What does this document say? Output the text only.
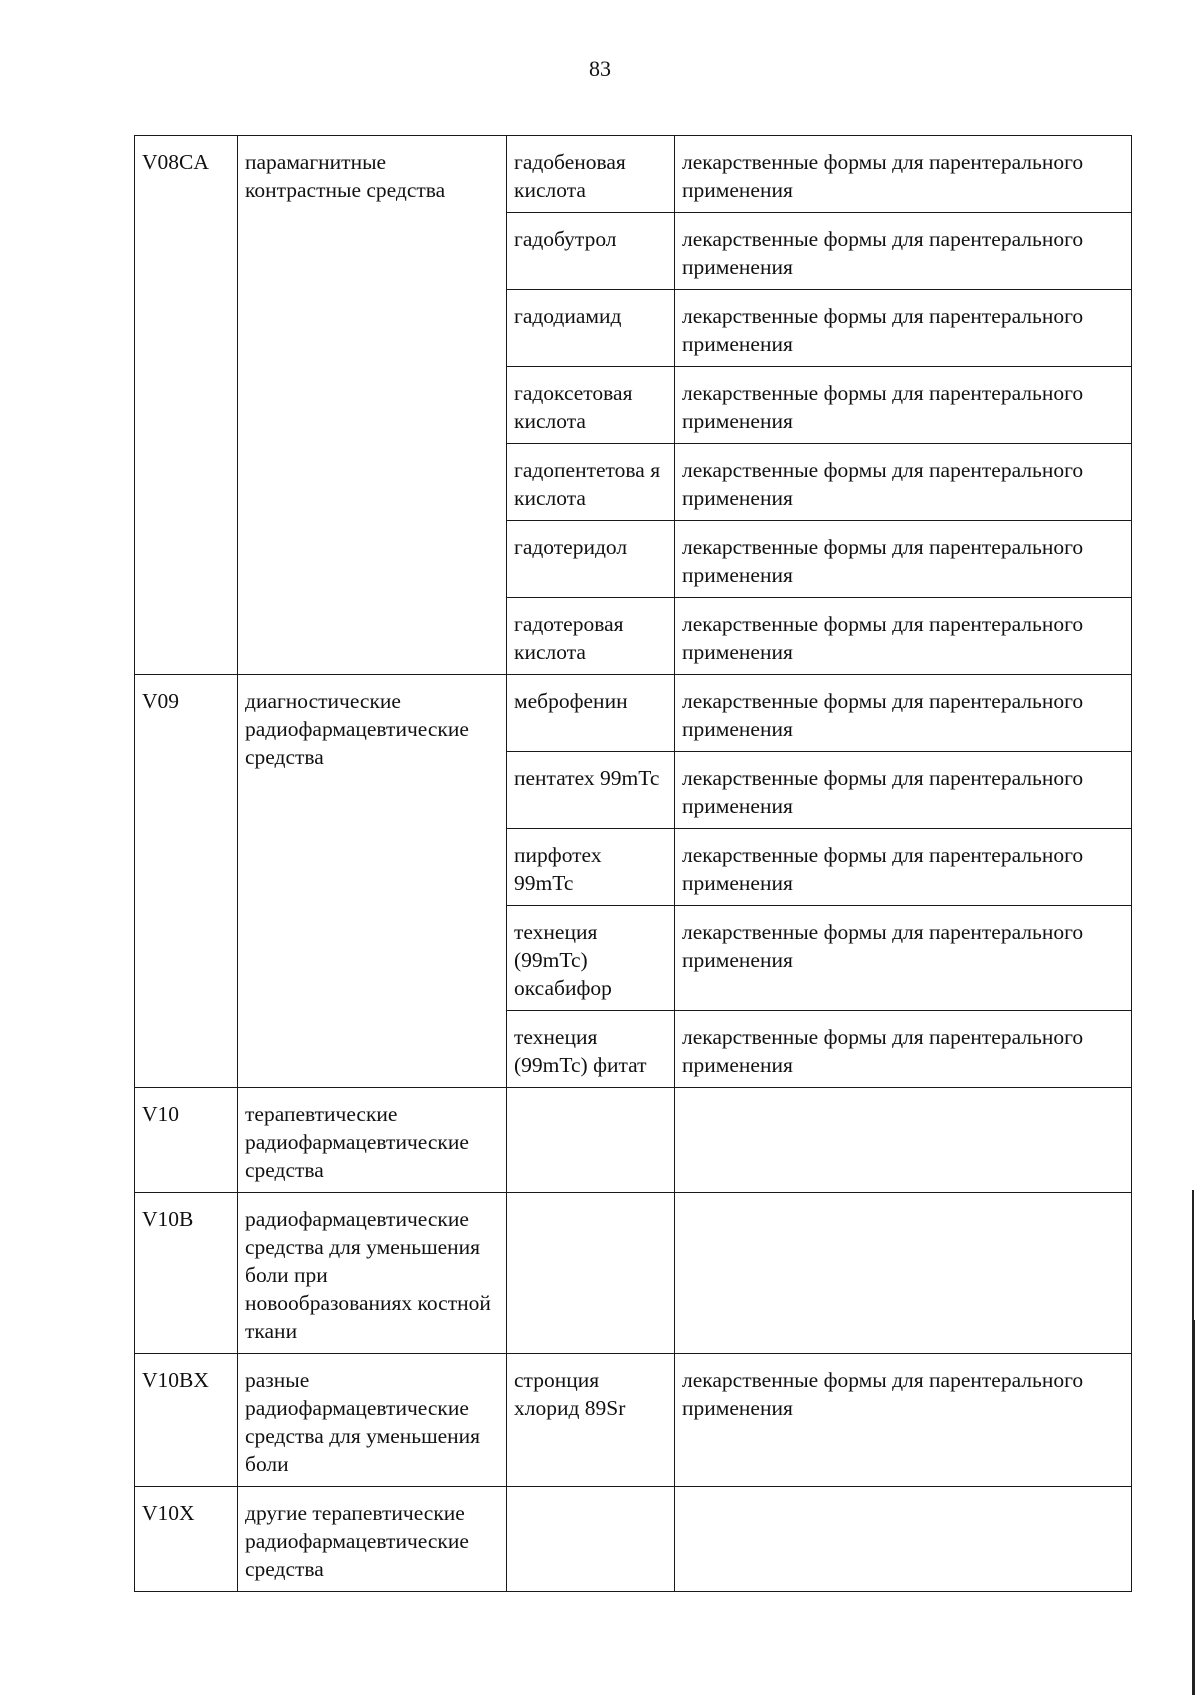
83
V08CA	парамагнитные контрастные средства	гадобеновая кислота	лекарственные формы для парентерального применения
		гадобутрол	лекарственные формы для парентерального применения
		гадодиамид	лекарственные формы для парентерального применения
		гадоксетовая кислота	лекарственные формы для парентерального применения
		гадопентетова я кислота	лекарственные формы для парентерального применения
		гадотеридол	лекарственные формы для парентерального применения
		гадотеровая кислота	лекарственные формы для парентерального применения
V09	диагностические радиофармацевтические средства	меброфенин	лекарственные формы для парентерального применения
		пентатех 99mTc	лекарственные формы для парентерального применения
		пирфотех 99mTc	лекарственные формы для парентерального применения
		технеция (99mTc) оксабифор	лекарственные формы для парентерального применения
		технеция (99mTc) фитат	лекарственные формы для парентерального применения
V10	терапевтические радиофармацевтические средства		
V10B	радиофармацевтические средства для уменьшения боли при новообразованиях костной ткани		
V10BX	разные радиофармацевтические средства для уменьшения боли	стронция хлорид 89Sr	лекарственные формы для парентерального применения
V10X	другие терапевтические радиофармацевтические средства		
